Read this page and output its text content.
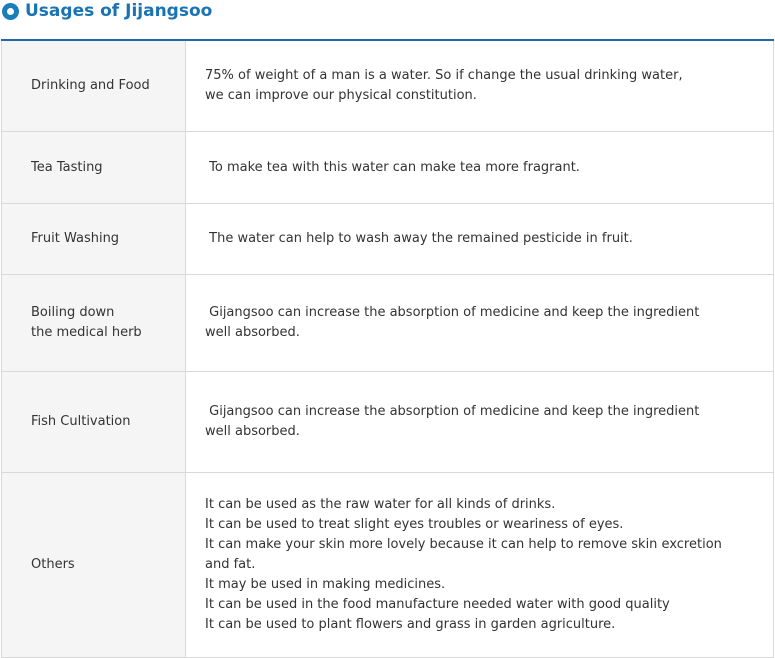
Usages of Jijangsoo
Drinking and Food
75% of weight of a man is a water. So if change the usual drinking water,
we can improve our physical constitution.
Tea Tasting	To make tea with this water can make tea more fragrant.
Fruit Washing	The water can help to wash away the remained pesticide in fruit.
Boiling down
the medical herb
Gijangsoo can increase the absorption of medicine and keep the ingredient
well absorbed.
Fish Cultivation
Gijangsoo can increase the absorption of medicine and keep the ingredient
well absorbed.
Others
It can be used as the raw water for all kinds of drinks.
It can be used to treat slight eyes troubles or weariness of eyes.
It can make your skin more lovely because it can help to remove skin excretion
and fat.
It may be used in making medicines.
It can be used in the food manufacture needed water with good quality
It can be used to plant flowers and grass in garden agriculture.
